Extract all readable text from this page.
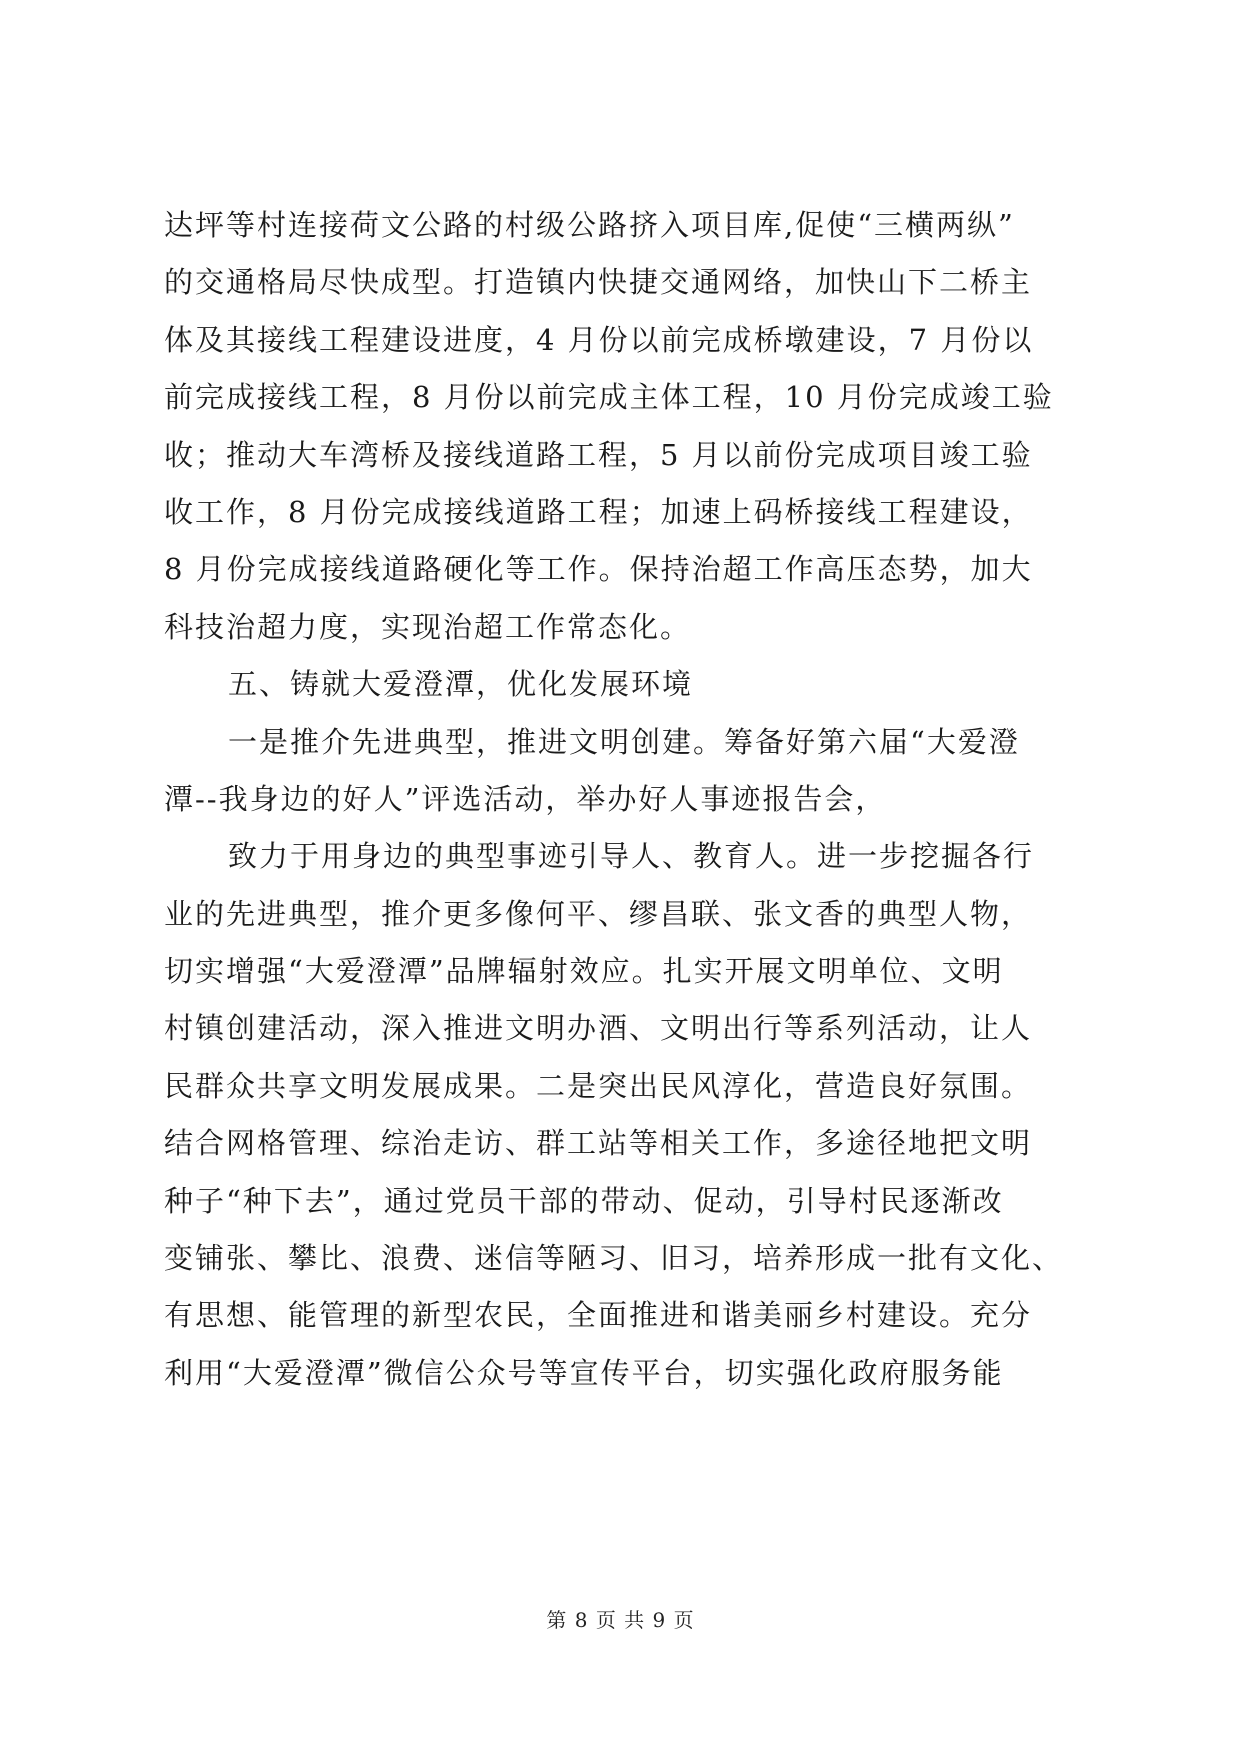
达坪等村连接荷文公路的村级公路挤入项目库,促使“三横两纵”
的交通格局尽快成型。打造镇内快捷交通网络，加快山下二桥主
体及其接线工程建设进度，4 月份以前完成桥墩建设，7 月份以
前完成接线工程，8 月份以前完成主体工程，10 月份完成竣工验
收；推动大车湾桥及接线道路工程，5 月以前份完成项目竣工验
收工作，8 月份完成接线道路工程；加速上码桥接线工程建设，
8 月份完成接线道路硬化等工作。保持治超工作高压态势，加大
科技治超力度，实现治超工作常态化。
五、铸就大爱澄潭，优化发展环境
一是推介先进典型，推进文明创建。筹备好第六届“大爱澄
潭--我身边的好人”评选活动，举办好人事迹报告会，
致力于用身边的典型事迹引导人、教育人。进一步挖掘各行
业的先进典型，推介更多像何平、缪昌联、张文香的典型人物，
切实增强“大爱澄潭”品牌辐射效应。扎实开展文明单位、文明
村镇创建活动，深入推进文明办酒、文明出行等系列活动，让人
民群众共享文明发展成果。二是突出民风淳化，营造良好氛围。
结合网格管理、综治走访、群工站等相关工作，多途径地把文明
种子“种下去”，通过党员干部的带动、促动，引导村民逐渐改
变铺张、攀比、浪费、迷信等陋习、旧习，培养形成一批有文化、
有思想、能管理的新型农民，全面推进和谐美丽乡村建设。充分
利用“大爱澄潭”微信公众号等宣传平台，切实强化政府服务能
第 8 页 共 9 页
